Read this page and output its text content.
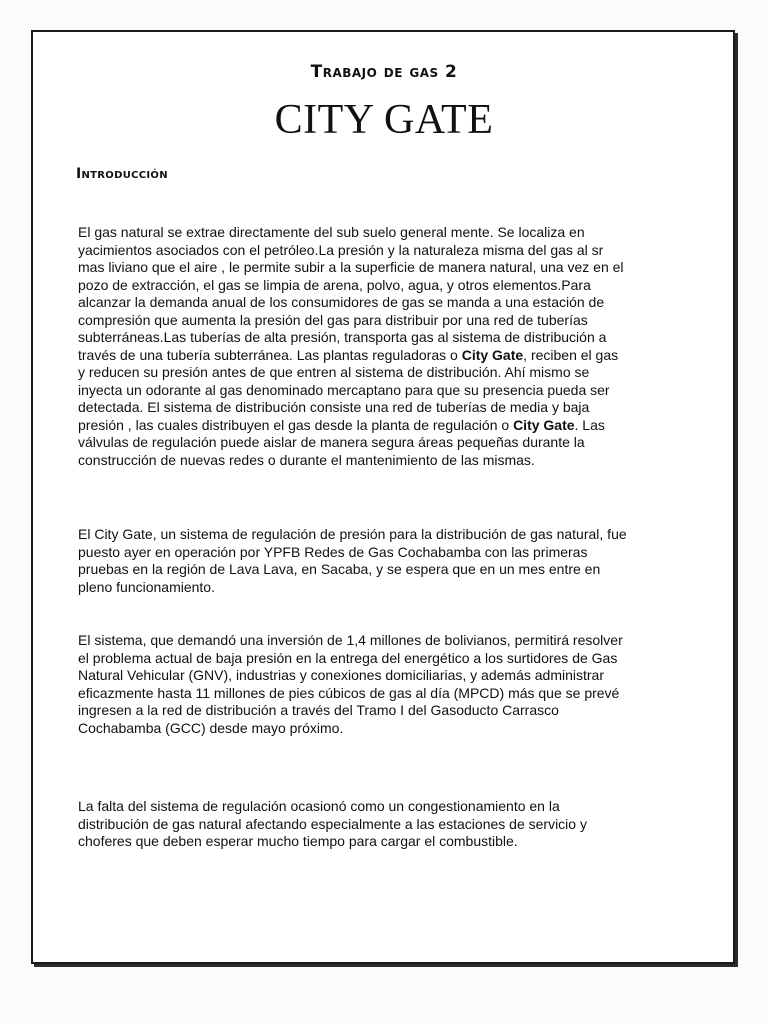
Trabajo de gas 2
CITY GATE
Introducción
El gas natural se extrae directamente del sub suelo general mente. Se localiza en yacimientos asociados con el petróleo.La presión y la naturaleza misma del gas al sr mas liviano que el aire , le permite subir a la superficie de manera natural, una vez en el pozo de extracción, el gas se limpia de arena, polvo, agua, y otros elementos.Para alcanzar la demanda anual de los consumidores de gas se manda a una estación de compresión que aumenta la presión del gas para distribuir por una red de tuberías subterráneas.Las tuberías de alta presión, transporta gas al sistema de distribución a través de una tubería subterránea. Las plantas reguladoras o City Gate, reciben el gas y reducen su presión antes de que entren al sistema de distribución. Ahí mismo se inyecta un odorante al gas denominado mercaptano para que su presencia pueda ser detectada. El sistema de distribución consiste una red de tuberías de media y baja presión , las cuales distribuyen el gas desde la planta de regulación o City Gate. Las válvulas de regulación puede aislar de manera segura áreas pequeñas durante la construcción de nuevas redes o durante el mantenimiento de las mismas.
El City Gate, un sistema de regulación de presión para la distribución de gas natural, fue puesto ayer en operación por YPFB Redes de Gas Cochabamba con las primeras pruebas en la región de Lava Lava, en Sacaba, y se espera que en un mes entre en pleno funcionamiento.
El sistema, que demandó una inversión de 1,4 millones de bolivianos, permitirá resolver el problema actual de baja presión en la entrega del energético a los surtidores de Gas Natural Vehicular (GNV), industrias y conexiones domiciliarias, y además administrar eficazmente hasta 11 millones de pies cúbicos de gas al día (MPCD) más que se prevé ingresen a la red de distribución a través del Tramo I del Gasoducto Carrasco Cochabamba (GCC) desde mayo próximo.
La falta del sistema de regulación ocasionó como un congestionamiento en la distribución de gas natural afectando especialmente a las estaciones de servicio y choferes que deben esperar mucho tiempo para cargar el combustible.
